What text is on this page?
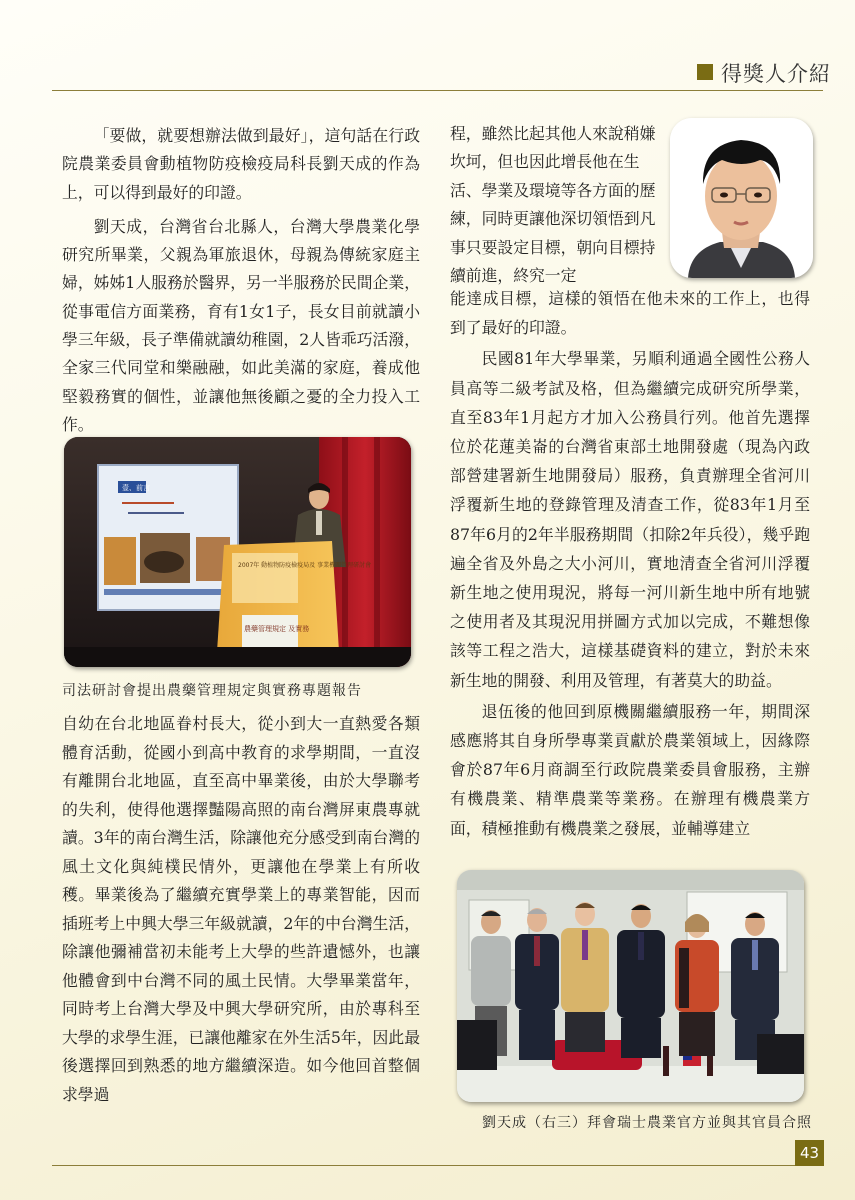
得獎人介紹

「要做，就要想辦法做到最好」，這句話在行政院農業委員會動植物防疫檢疫局科長劉天成的作為上，可以得到最好的印證。

劉天成，台灣省台北縣人，台灣大學農業化學研究所畢業，父親為軍旅退休，母親為傳統家庭主婦，姊姊1人服務於醫界，另一半服務於民間企業，從事電信方面業務，育有1女1子，長女目前就讀小學三年級，長子準備就讀幼稚園，2人皆乖巧活潑，全家三代同堂和樂融融，如此美滿的家庭，養成他堅毅務實的個性，並讓他無後顧之憂的全力投入工作。

壹、前言
2007年 動植物防疫檢疫局及 事業機關管理研討會
農藥管理規定 及實務
司法研討會提出農藥管理規定與實務專題報告

自幼在台北地區眷村長大，從小到大一直熱愛各類體育活動，從國小到高中教育的求學期間，一直沒有離開台北地區，直至高中畢業後，由於大學聯考的失利，使得他選擇豔陽高照的南台灣屏東農專就讀。3年的南台灣生活，除讓他充分感受到南台灣的風土文化與純樸民情外，更讓他在學業上有所收穫。畢業後為了繼續充實學業上的專業智能，因而插班考上中興大學三年級就讀，2年的中台灣生活，除讓他彌補當初未能考上大學的些許遺憾外，也讓他體會到中台灣不同的風土民情。大學畢業當年，同時考上台灣大學及中興大學研究所，由於專科至大學的求學生涯，已讓他離家在外生活5年，因此最後選擇回到熟悉的地方繼續深造。如今他回首整個求學過

程，雖然比起其他人來說稍嫌坎坷，但也因此增長他在生活、學業及環境等各方面的歷練，同時更讓他深切領悟到凡事只要設定目標，朝向目標持續前進，終究一定

能達成目標，這樣的領悟在他未來的工作上，也得到了最好的印證。

民國81年大學畢業，另順利通過全國性公務人員高等二級考試及格，但為繼續完成研究所學業，直至83年1月起方才加入公務員行列。他首先選擇位於花蓮美崙的台灣省東部土地開發處（現為內政部營建署新生地開發局）服務，負責辦理全省河川浮覆新生地的登錄管理及清查工作，從83年1月至87年6月的2年半服務期間（扣除2年兵役），幾乎跑遍全省及外島之大小河川，實地清查全省河川浮覆新生地之使用現況，將每一河川新生地中所有地號之使用者及其現況用拼圖方式加以完成，不難想像該等工程之浩大，這樣基礎資料的建立，對於未來新生地的開發、利用及管理，有著莫大的助益。

退伍後的他回到原機關繼續服務一年，期間深感應將其自身所學專業貢獻於農業領域上，因緣際會於87年6月商調至行政院農業委員會服務，主辦有機農業、精準農業等業務。在辦理有機農業方面，積極推動有機農業之發展，並輔導建立

劉天成（右三）拜會瑞士農業官方並與其官員合照
43
